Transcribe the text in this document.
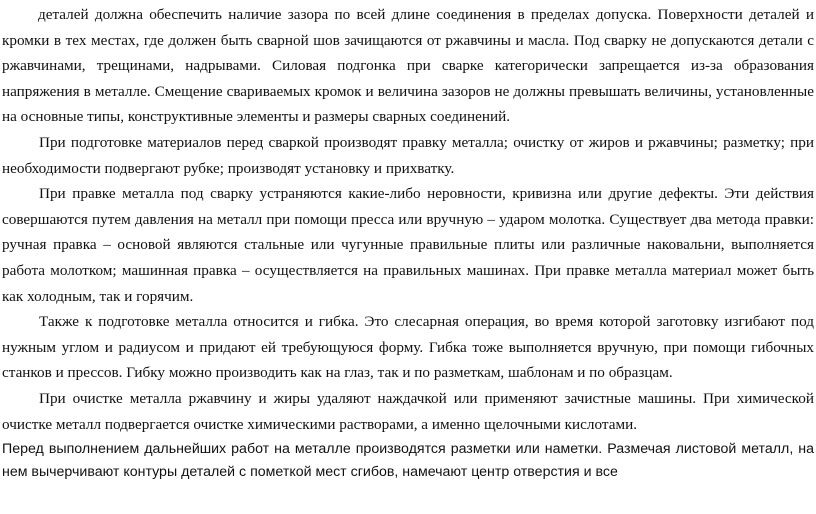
деталей должна обеспечить наличие зазора по всей длине соединения в пределах допуска. Поверхности деталей и кромки в тех местах, где должен быть сварной шов зачищаются от ржавчины и масла. Под сварку не допускаются детали с ржавчинами, трещинами, надрывами. Силовая подгонка при сварке категорически запрещается из-за образования напряжения в металле. Смещение свариваемых кромок и величина зазоров не должны превышать величины, установленные на основные типы, конструктивные элементы и размеры сварных соединений.

При подготовке материалов перед сваркой производят правку металла; очистку от жиров и ржавчины; разметку; при необходимости подвергают рубке; производят установку и прихватку.

При правке металла под сварку устраняются какие-либо неровности, кривизна или другие дефекты. Эти действия совершаются путем давления на металл при помощи пресса или вручную – ударом молотка. Существует два метода правки: ручная правка – основой являются стальные или чугунные правильные плиты или различные наковальни, выполняется работа молотком; машинная правка – осуществляется на правильных машинах. При правке металла материал может быть как холодным, так и горячим.

Также к подготовке металла относится и гибка. Это слесарная операция, во время которой заготовку изгибают под нужным углом и радиусом и придают ей требующуюся форму. Гибка тоже выполняется вручную, при помощи гибочных станков и прессов. Гибку можно производить как на глаз, так и по разметкам, шаблонам и по образцам.

При очистке металла ржавчину и жиры удаляют наждачкой или применяют зачистные машины. При химической очистке металл подвергается очистке химическими растворами, а именно щелочными кислотами.

Перед выполнением дальнейших работ на металле производятся разметки или наметки. Размечая листовой металл, на нем вычерчивают контуры деталей с пометкой мест сгибов, намечают центр отверстия и все
